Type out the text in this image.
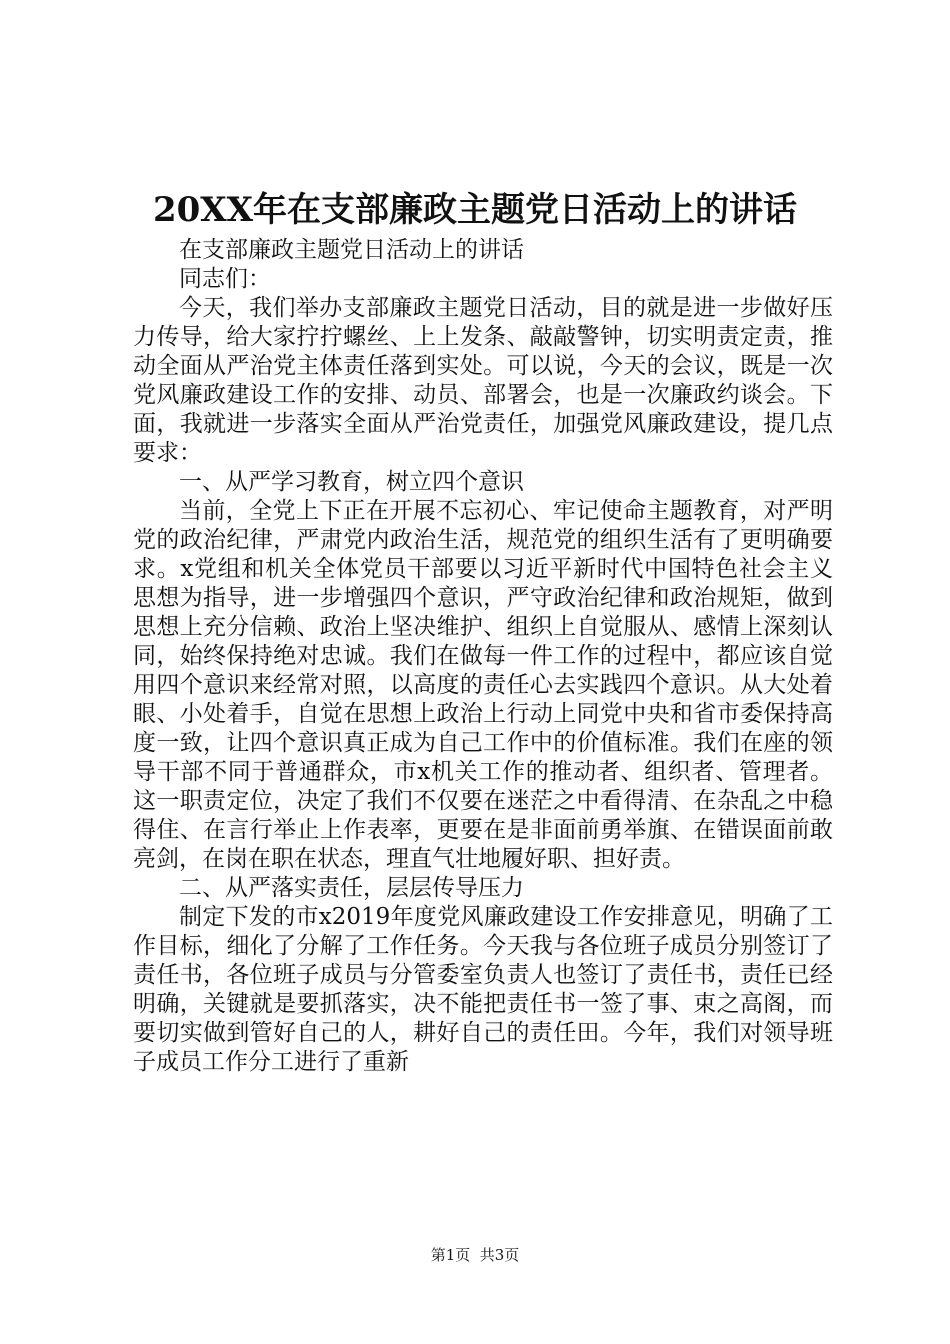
20XX年在支部廉政主题党日活动上的讲话

在支部廉政主题党日活动上的讲话

同志们：

今天，我们举办支部廉政主题党日活动，目的就是进一步做好压力传导，给大家拧拧螺丝、上上发条、敲敲警钟，切实明责定责，推动全面从严治党主体责任落到实处。可以说，今天的会议，既是一次党风廉政建设工作的安排、动员、部署会，也是一次廉政约谈会。下面，我就进一步落实全面从严治党责任，加强党风廉政建设，提几点要求：

一、从严学习教育，树立四个意识

当前，全党上下正在开展不忘初心、牢记使命主题教育，对严明党的政治纪律，严肃党内政治生活，规范党的组织生活有了更明确要求。x党组和机关全体党员干部要以习近平新时代中国特色社会主义思想为指导，进一步增强四个意识，严守政治纪律和政治规矩，做到思想上充分信赖、政治上坚决维护、组织上自觉服从、感情上深刻认同，始终保持绝对忠诚。我们在做每一件工作的过程中，都应该自觉用四个意识来经常对照，以高度的责任心去实践四个意识。从大处着眼、小处着手，自觉在思想上政治上行动上同党中央和省市委保持高度一致，让四个意识真正成为自己工作中的价值标准。我们在座的领导干部不同于普通群众，市x机关工作的推动者、组织者、管理者。这一职责定位，决定了我们不仅要在迷茫之中看得清、在杂乱之中稳得住、在言行举止上作表率，更要在是非面前勇举旗、在错误面前敢亮剑，在岗在职在状态，理直气壮地履好职、担好责。

二、从严落实责任，层层传导压力

制定下发的市x2019年度党风廉政建设工作安排意见，明确了工作目标，细化了分解了工作任务。今天我与各位班子成员分别签订了责任书，各位班子成员与分管委室负责人也签订了责任书，责任已经明确，关键就是要抓落实，决不能把责任书一签了事、束之高阁，而要切实做到管好自己的人，耕好自己的责任田。今年，我们对领导班子成员工作分工进行了重新

第1页  共3页
